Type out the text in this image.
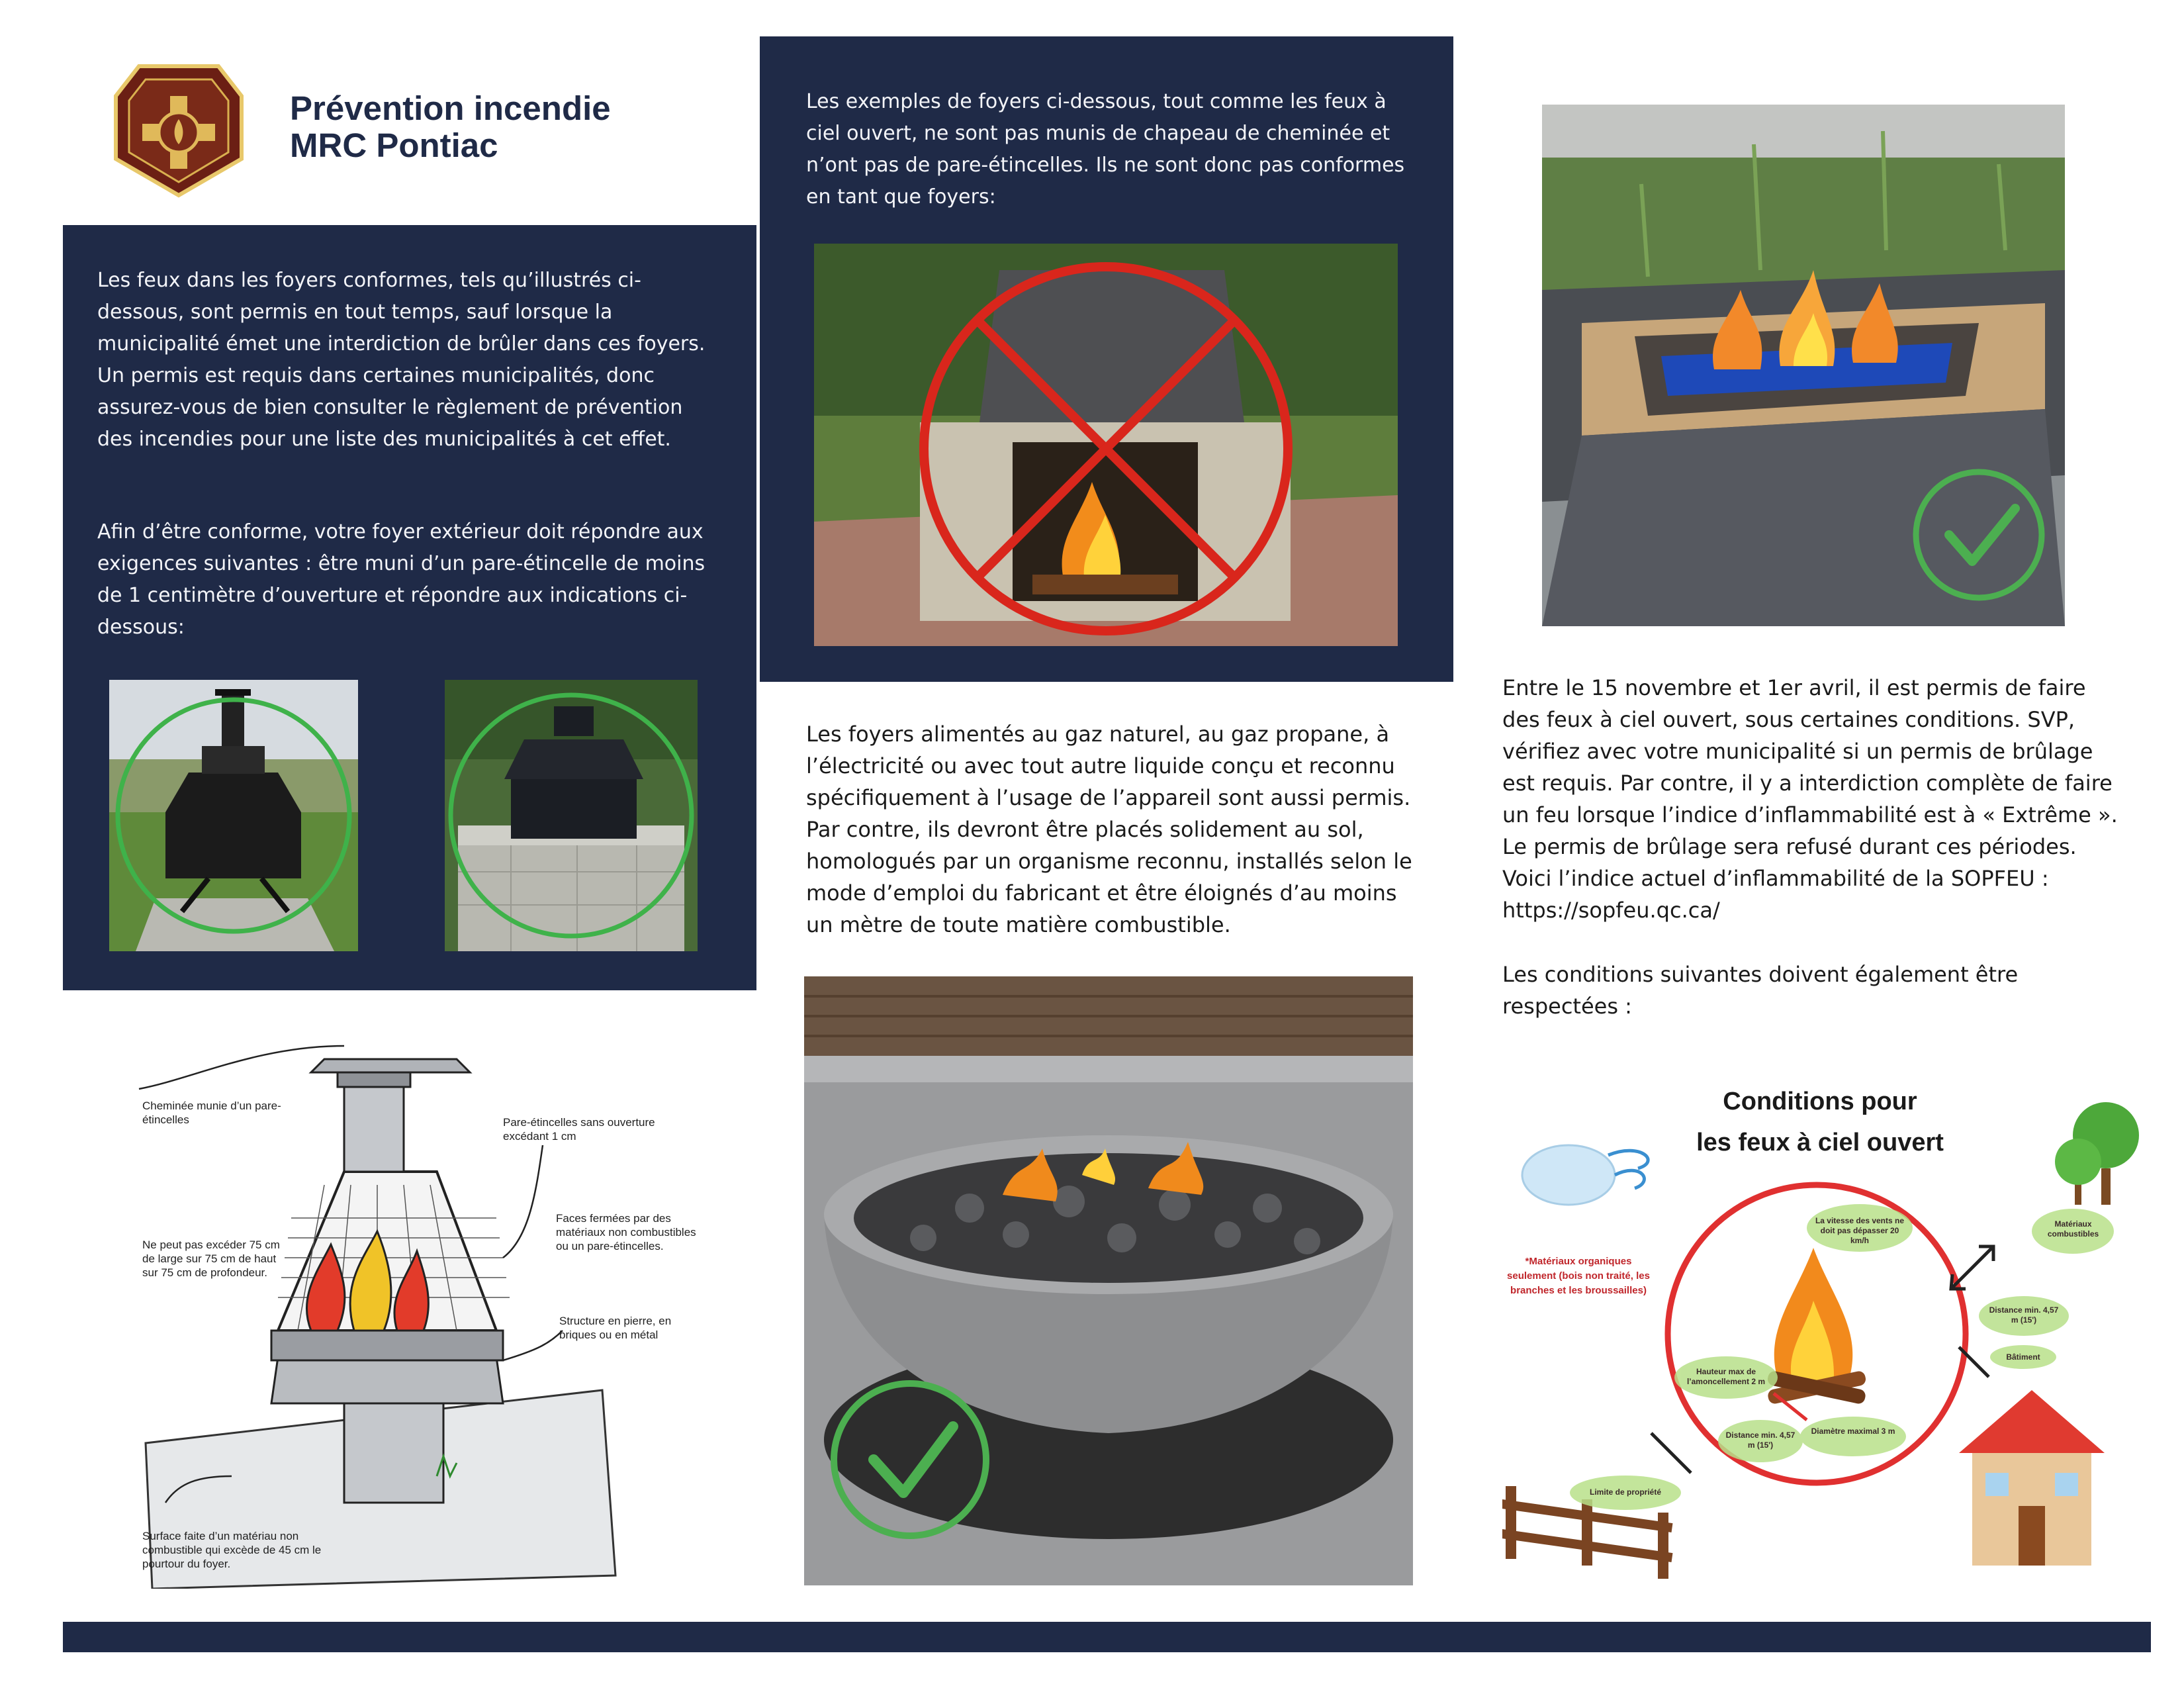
Prévention incendie
MRC Pontiac
Les feux dans les foyers conformes, tels qu’illustrés ci-dessous, sont permis en tout temps, sauf lorsque la municipalité émet une interdiction de brûler dans ces foyers. Un permis est requis dans certaines municipalités, donc assurez-vous de bien consulter le règlement de prévention des incendies pour une liste des municipalités à cet effet.
Afin d’être conforme, votre foyer extérieur doit répondre aux exigences suivantes : être muni d’un pare-étincelle de moins de 1 centimètre d’ouverture et répondre aux indications ci-dessous:
Les exemples de foyers ci-dessous, tout comme les feux à ciel ouvert, ne sont pas munis de chapeau de cheminée et n’ont pas de pare-étincelles. Ils ne sont donc pas conformes en tant que foyers:
Les foyers alimentés au gaz naturel, au gaz propane, à l’électricité ou avec tout autre liquide conçu et reconnu spécifiquement à l’usage de l’appareil sont aussi permis. Par contre, ils devront être placés solidement au sol, homologués par un organisme reconnu, installés selon le mode d’emploi du fabricant et être éloignés d’au moins un mètre de toute matière combustible.
Entre le 15 novembre et 1er avril, il est permis de faire des feux à ciel ouvert, sous certaines conditions. SVP, vérifiez avec votre municipalité si un permis de brûlage est requis. Par contre, il y a interdiction complète de faire un feu lorsque l’indice d’inflammabilité est à « Extrême ». Le permis de brûlage sera refusé durant ces périodes. Voici l’indice actuel d’inflammabilité de la SOPFEU : https://sopfeu.qc.ca/
Les conditions suivantes doivent également être respectées :
Cheminée munie d’un pare-étincelles	Pare-étincelles sans ouverture excédant 1 cm
Ne peut pas excéder 75 cm de large sur 75 cm de haut sur 75 cm de profondeur.
Faces fermées par des matériaux non combustibles ou un pare-étincelles.
Structure en pierre, en briques ou en métal
Surface faite d’un matériau non combustible qui excède de 45 cm le pourtour du foyer.
Conditions pour
les feux à ciel ouvert
La vitesse des vents ne doit pas dépasser 20 km/h
Matériaux combustibles
Distance min. 4,57 m (15')
Bâtiment
*Matériaux organiques seulement (bois non traité, les branches et les broussailles)
Hauteur max de l’amoncellement 2 m
Diamètre maximal 3 m
Distance min. 4,57 m (15')
Limite de propriété
